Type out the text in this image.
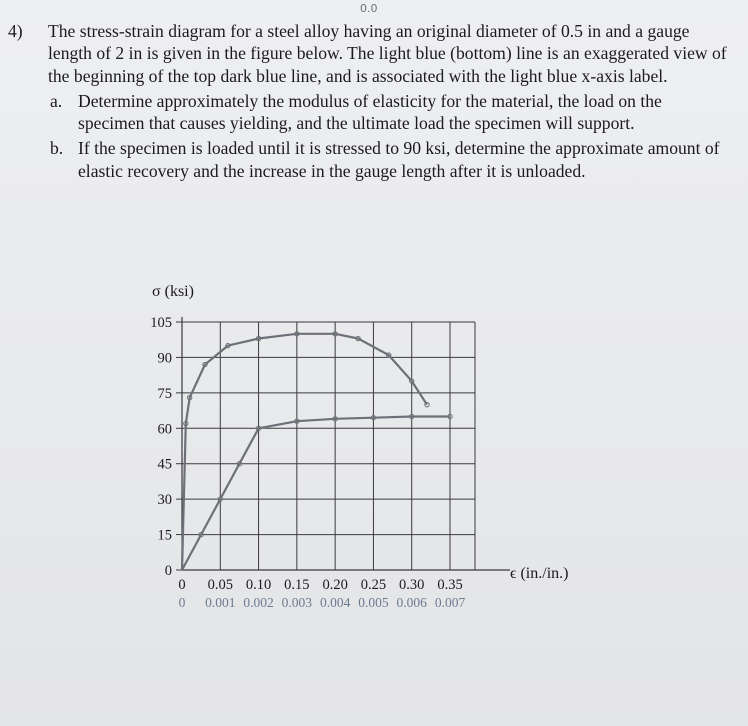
0.0
4) The stress-strain diagram for a steel alloy having an original diameter of 0.5 in and a gauge length of 2 in is given in the figure below. The light blue (bottom) line is an exaggerated view of the beginning of the top dark blue line, and is associated with the light blue x-axis label.
a. Determine approximately the modulus of elasticity for the material, the load on the specimen that causes yielding, and the ultimate load the specimen will support.
b. If the specimen is loaded until it is stressed to 90 ksi, determine the approximate amount of elastic recovery and the increase in the gauge length after it is unloaded.
0
15
30
45
60
75
90
105
0 0.05 0.10 0.15 0.20 0.25 0.30 0.35
0 0.001 0.002 0.003 0.004 0.005 0.006 0.007
σ (ksi)
ϵ (in./in.)
